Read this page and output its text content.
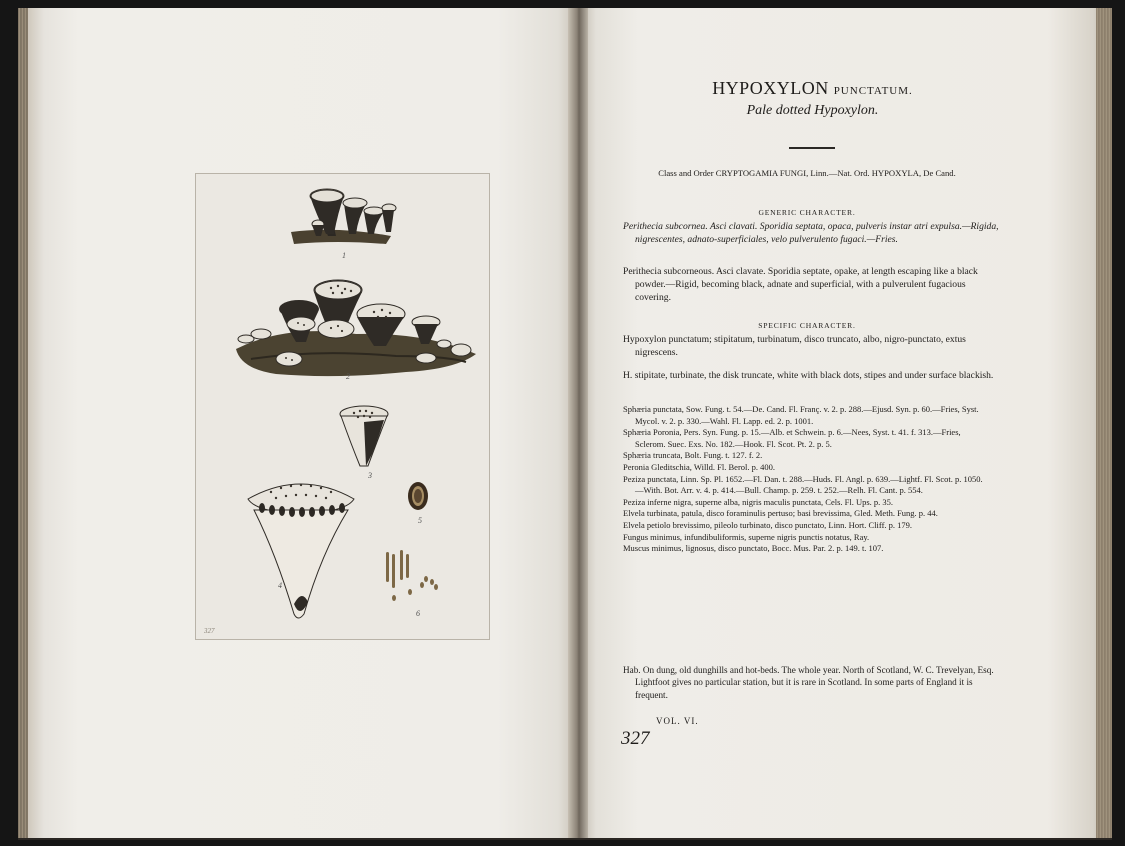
1
2
3
4
5
6
327
HYPOXYLON PUNCTATUM.
Pale dotted Hypoxylon.
Class and Order CRYPTOGAMIA FUNGI, Linn.—Nat. Ord. HYPOXYLA, De Cand.
GENERIC CHARACTER.
Perithecia subcornea. Asci clavati. Sporidia septata, opaca, pulveris instar atri expulsa.—Rigida, nigrescentes, adnato-superficiales, velo pulverulento fugaci.—Fries.
Perithecia subcorneous. Asci clavate. Sporidia septate, opake, at length escaping like a black powder.—Rigid, becoming black, adnate and superficial, with a pulverulent fugacious covering.
SPECIFIC CHARACTER.
Hypoxylon punctatum; stipitatum, turbinatum, disco truncato, albo, nigro-punctato, extus nigrescens.
H. stipitate, turbinate, the disk truncate, white with black dots, stipes and under surface blackish.
Sphæria punctata, Sow. Fung. t. 54.—De. Cand. Fl. Franç. v. 2. p. 288.—Ejusd. Syn. p. 60.—Fries, Syst. Mycol. v. 2. p. 330.—Wahl. Fl. Lapp. ed. 2. p. 1001.
Sphæria Poronia, Pers. Syn. Fung. p. 15.—Alb. et Schwein. p. 6.—Nees, Syst. t. 41. f. 313.—Fries, Sclerom. Suec. Exs. No. 182.—Hook. Fl. Scot. Pt. 2. p. 5.
Sphæria truncata, Bolt. Fung. t. 127. f. 2.
Peronia Gleditschia, Willd. Fl. Berol. p. 400.
Peziza punctata, Linn. Sp. Pl. 1652.—Fl. Dan. t. 288.—Huds. Fl. Angl. p. 639.—Lightf. Fl. Scot. p. 1050.—With. Bot. Arr. v. 4. p. 414.—Bull. Champ. p. 259. t. 252.—Relh. Fl. Cant. p. 554.
Peziza inferne nigra, superne alba, nigris maculis punctata, Cels. Fl. Ups. p. 35.
Elvela turbinata, patula, disco foraminulis pertuso; basi brevissima, Gled. Meth. Fung. p. 44.
Elvela petiolo brevissimo, pileolo turbinato, disco punctato, Linn. Hort. Cliff. p. 179.
Fungus minimus, infundibuliformis, superne nigris punctis notatus, Ray.
Muscus minimus, lignosus, disco punctato, Bocc. Mus. Par. 2. p. 149. t. 107.
Hab. On dung, old dunghills and hot-beds. The whole year. North of Scotland, W. C. Trevelyan, Esq. Lightfoot gives no particular station, but it is rare in Scotland. In some parts of England it is frequent.
VOL. VI.
327
